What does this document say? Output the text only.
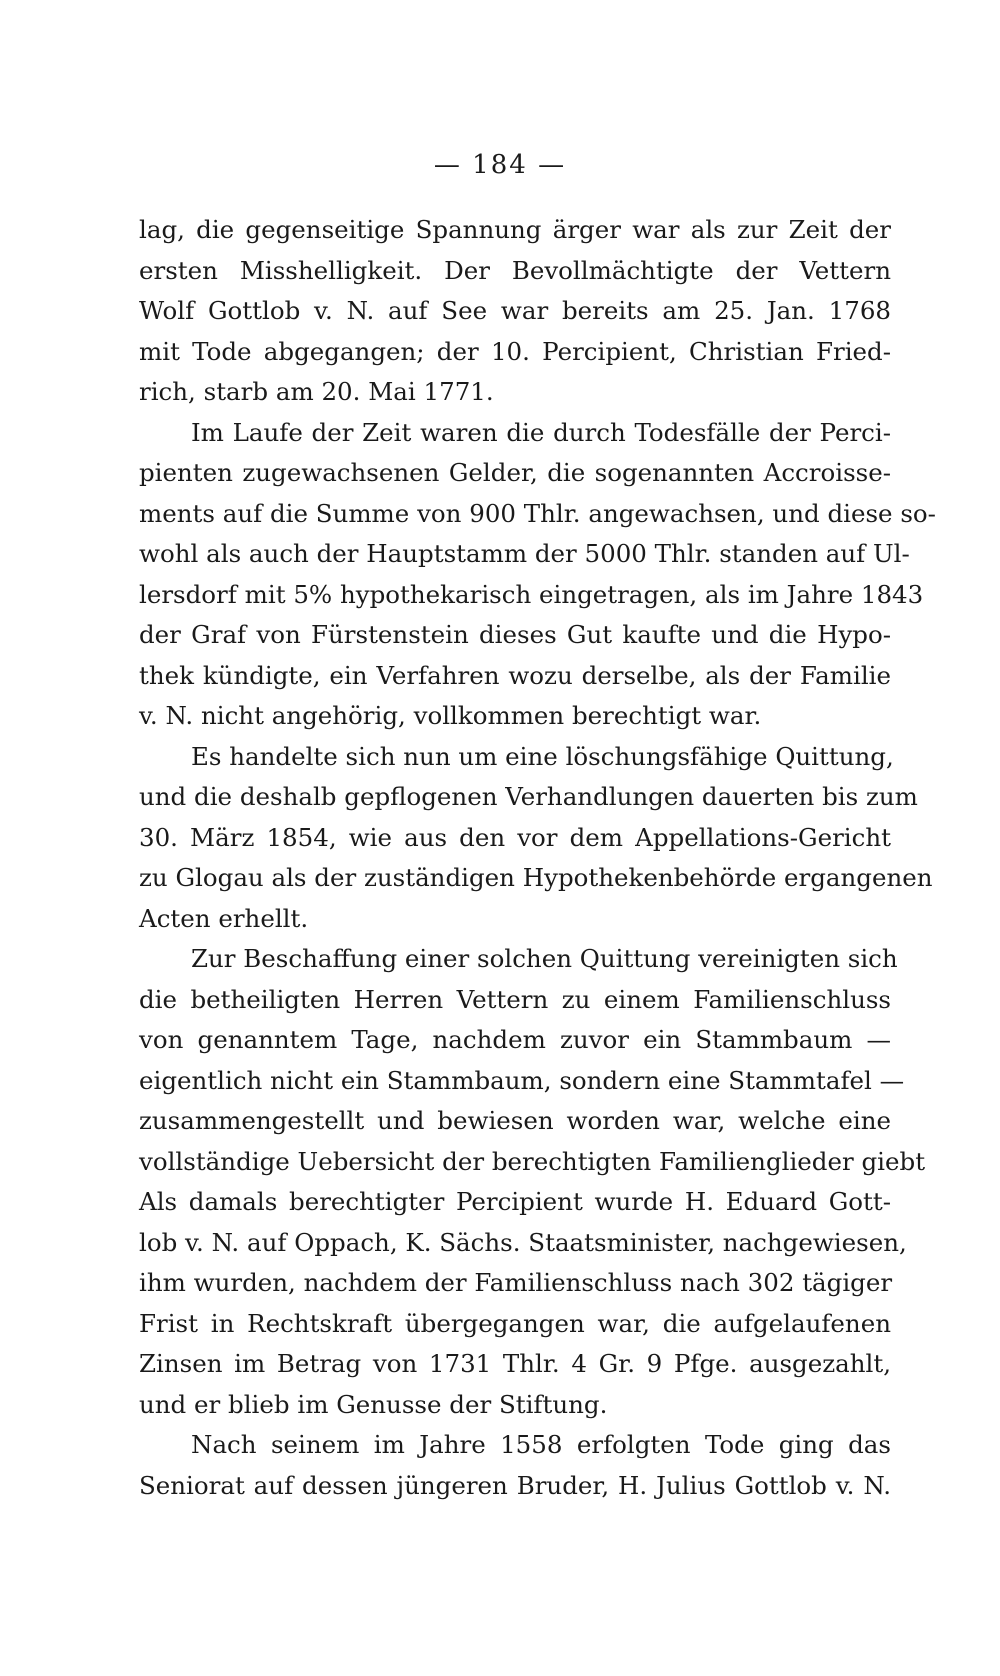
— 184 —
lag, die gegenseitige Spannung ärger war als zur Zeit der
ersten Misshelligkeit. Der Bevollmächtigte der Vettern
Wolf Gottlob v. N. auf See war bereits am 25. Jan. 1768
mit Tode abgegangen; der 10. Percipient, Christian Fried-
rich, starb am 20. Mai 1771.
Im Laufe der Zeit waren die durch Todesfälle der Perci-
pienten zugewachsenen Gelder, die sogenannten Accroisse-
ments auf die Summe von 900 Thlr. angewachsen, und diese so-
wohl als auch der Hauptstamm der 5000 Thlr. standen auf Ul-
lersdorf mit 5% hypothekarisch eingetragen, als im Jahre 1843
der Graf von Fürstenstein dieses Gut kaufte und die Hypo-
thek kündigte, ein Verfahren wozu derselbe, als der Familie
v. N. nicht angehörig, vollkommen berechtigt war.
Es handelte sich nun um eine löschungsfähige Quittung,
und die deshalb gepflogenen Verhandlungen dauerten bis zum
30. März 1854, wie aus den vor dem Appellations-Gericht
zu Glogau als der zuständigen Hypothekenbehörde ergangenen
Acten erhellt.
Zur Beschaffung einer solchen Quittung vereinigten sich
die betheiligten Herren Vettern zu einem Familienschluss
von genanntem Tage, nachdem zuvor ein Stammbaum —
eigentlich nicht ein Stammbaum, sondern eine Stammtafel —
zusammengestellt und bewiesen worden war, welche eine
vollständige Uebersicht der berechtigten Familienglieder giebt
Als damals berechtigter Percipient wurde H. Eduard Gott-
lob v. N. auf Oppach, K. Sächs. Staatsminister, nachgewiesen,
ihm wurden, nachdem der Familienschluss nach 302 tägiger
Frist in Rechtskraft übergegangen war, die aufgelaufenen
Zinsen im Betrag von 1731 Thlr. 4 Gr. 9 Pfge. ausgezahlt,
und er blieb im Genusse der Stiftung.
Nach seinem im Jahre 1558 erfolgten Tode ging das
Seniorat auf dessen jüngeren Bruder, H. Julius Gottlob v. N.
